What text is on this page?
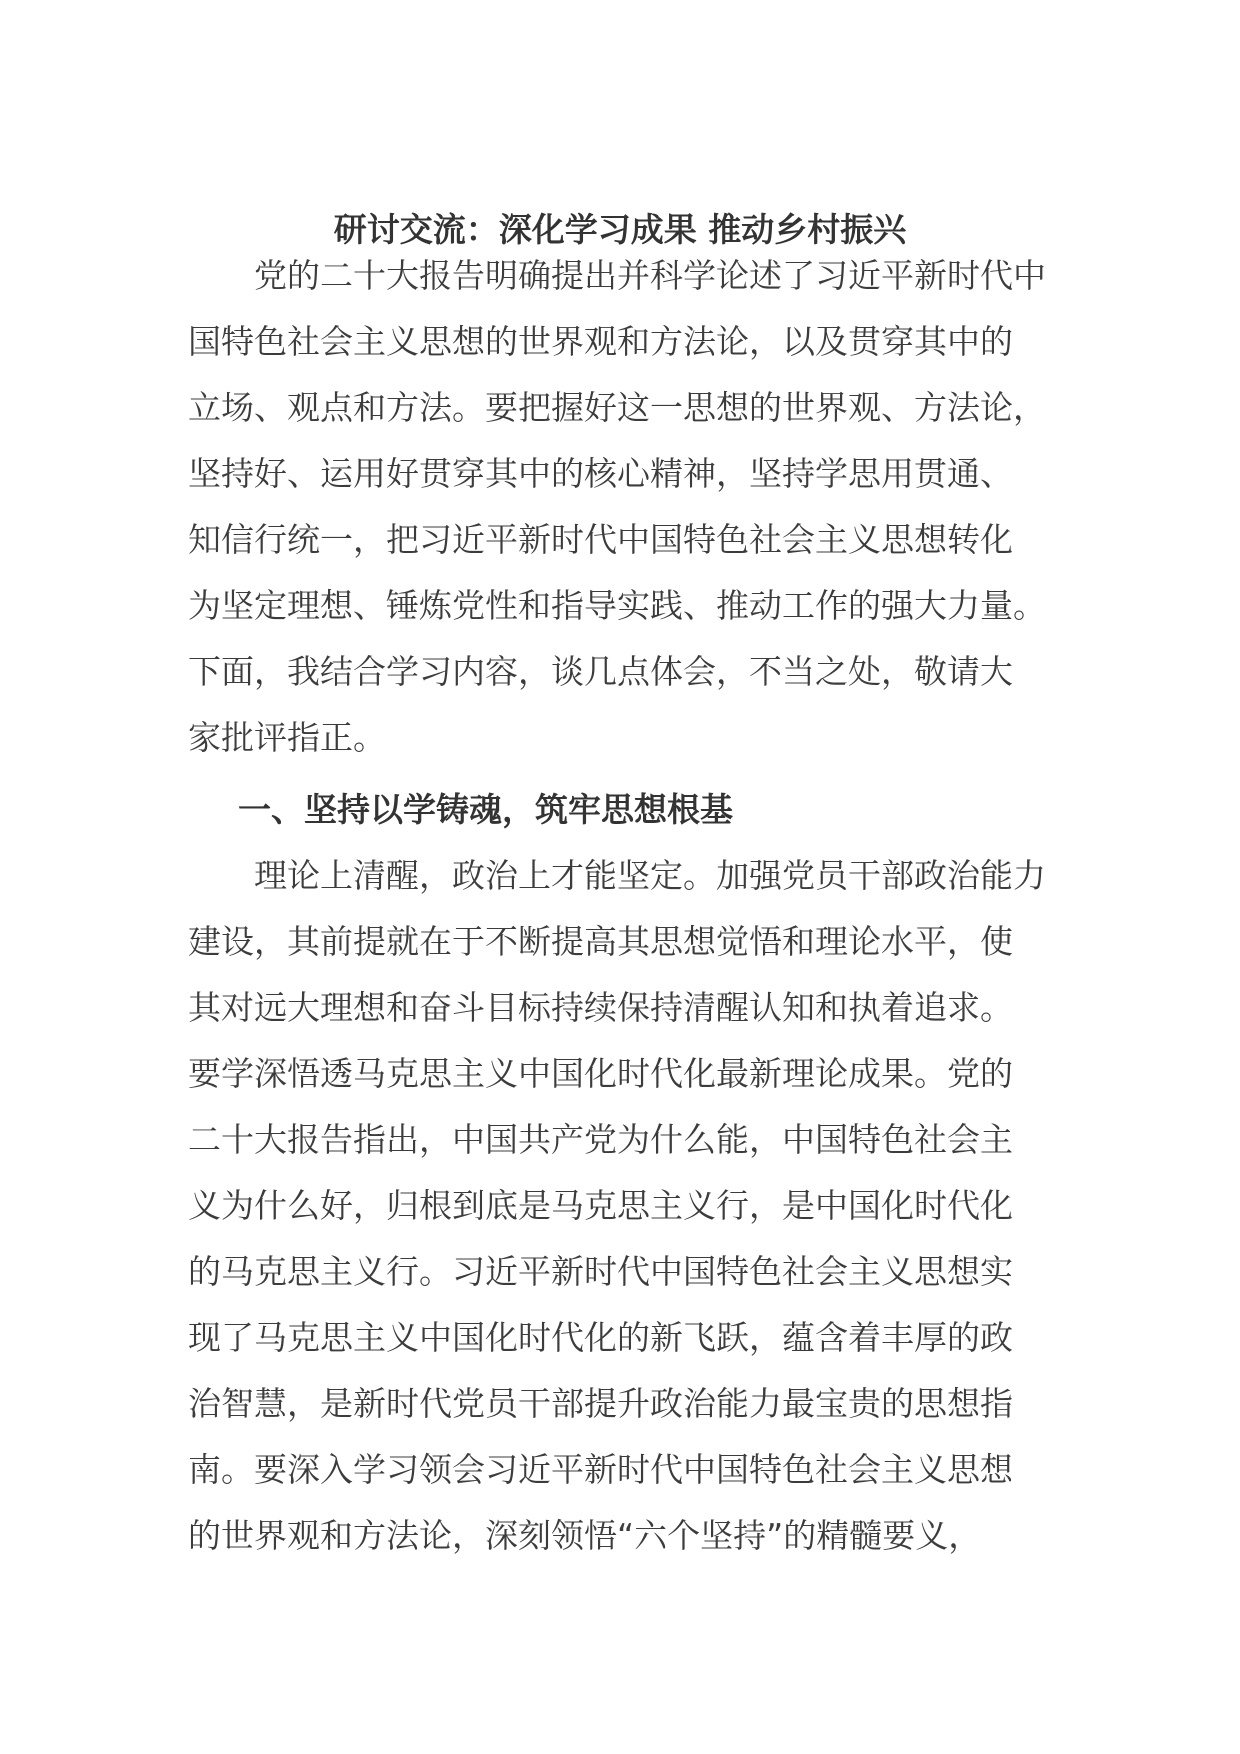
研讨交流：深化学习成果 推动乡村振兴
　　党的二十大报告明确提出并科学论述了习近平新时代中
国特色社会主义思想的世界观和方法论，以及贯穿其中的
立场、观点和方法。要把握好这一思想的世界观、方法论，
坚持好、运用好贯穿其中的核心精神，坚持学思用贯通、
知信行统一，把习近平新时代中国特色社会主义思想转化
为坚定理想、锤炼党性和指导实践、推动工作的强大力量。
下面，我结合学习内容，谈几点体会，不当之处，敬请大
家批评指正。
一、坚持以学铸魂，筑牢思想根基
　　理论上清醒，政治上才能坚定。加强党员干部政治能力
建设，其前提就在于不断提高其思想觉悟和理论水平，使
其对远大理想和奋斗目标持续保持清醒认知和执着追求。
要学深悟透马克思主义中国化时代化最新理论成果。党的
二十大报告指出，中国共产党为什么能，中国特色社会主
义为什么好，归根到底是马克思主义行，是中国化时代化
的马克思主义行。习近平新时代中国特色社会主义思想实
现了马克思主义中国化时代化的新飞跃，蕴含着丰厚的政
治智慧，是新时代党员干部提升政治能力最宝贵的思想指
南。要深入学习领会习近平新时代中国特色社会主义思想
的世界观和方法论，深刻领悟“六个坚持”的精髓要义，
